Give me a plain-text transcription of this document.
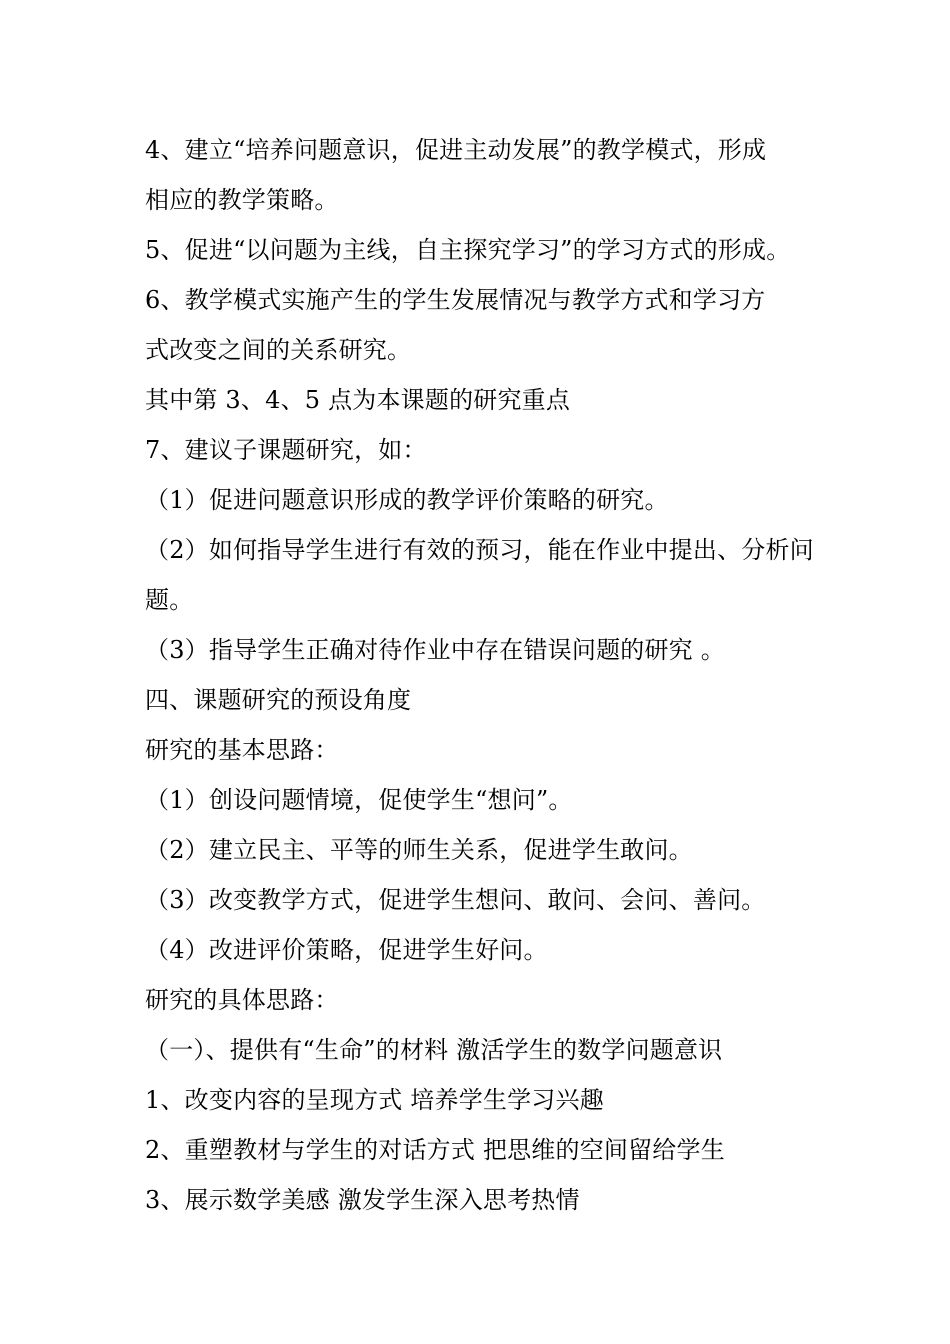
4、建立“培养问题意识，促进主动发展”的教学模式，形成
相应的教学策略。
5、促进“以问题为主线，自主探究学习”的学习方式的形成。
6、教学模式实施产生的学生发展情况与教学方式和学习方
式改变之间的关系研究。
其中第 3、4、5 点为本课题的研究重点
7、建议子课题研究，如：
（1）促进问题意识形成的教学评价策略的研究。
（2）如何指导学生进行有效的预习，能在作业中提出、分析问
题。
（3）指导学生正确对待作业中存在错误问题的研究 。
四、课题研究的预设角度
研究的基本思路：
（1）创设问题情境，促使学生“想问”。
（2）建立民主、平等的师生关系，促进学生敢问。
（3）改变教学方式，促进学生想问、敢问、会问、善问。
（4）改进评价策略，促进学生好问。
研究的具体思路：
（一）、提供有“生命”的材料 激活学生的数学问题意识
1、改变内容的呈现方式 培养学生学习兴趣
2、重塑教材与学生的对话方式 把思维的空间留给学生
3、展示数学美感 激发学生深入思考热情
